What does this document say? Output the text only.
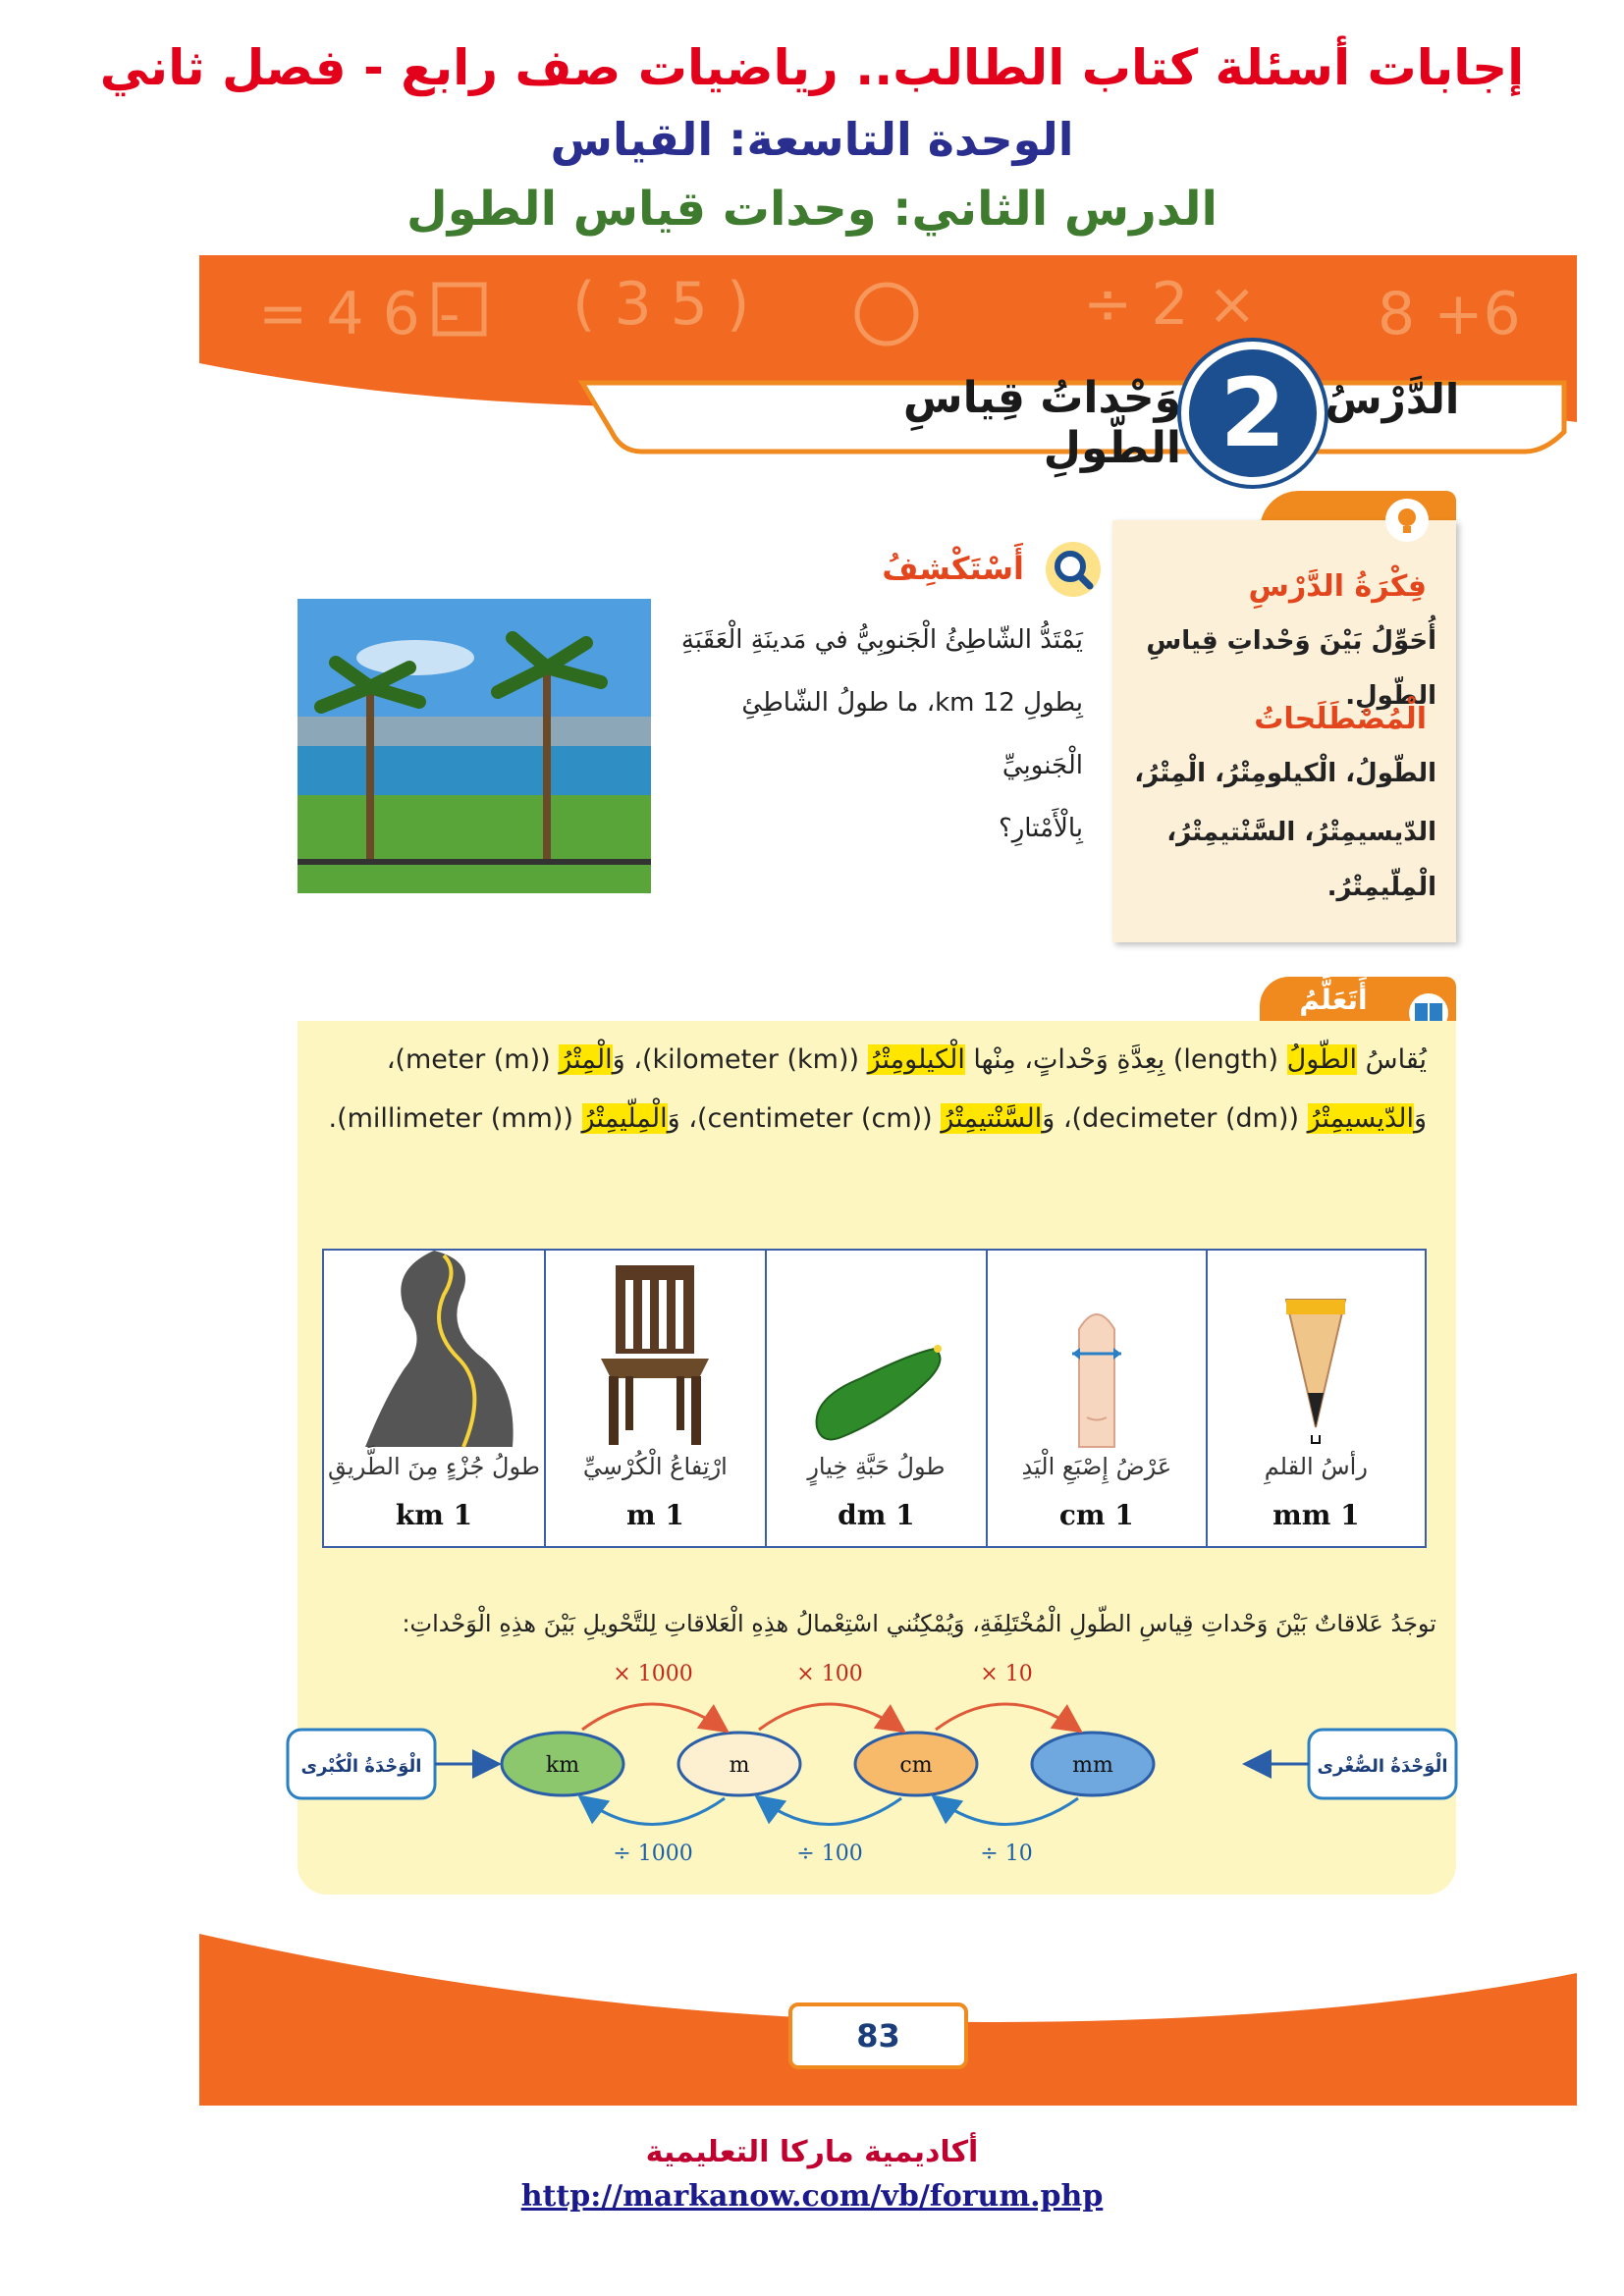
إجابات أسئلة كتاب الطالب.. رياضيات صف رابع - فصل ثاني
الوحدة التاسعة: القياس
الدرس الثاني: وحدات قياس الطول
= 4 6 - ( 3 5 )	÷ 2 × 8 +6
وَحْداتُ قِياسِ الطّولِ 2 الدَّرْسُ
فِكْرَةُ الدَّرْسِ
أُحَوِّلُ بَيْنَ وَحْداتِ قِياسِ الطّولِ.
الْمُصْطَلَحاتُ
الطّولُ، الْكيلومِتْرُ، الْمِتْرُ،
الدّيسيمِتْرُ، السَّنْتيمِتْرُ، الْمِلّيمِتْرُ.
أَسْتَكْشِفُ
يَمْتَدُّ الشّاطِئُ الْجَنوبِيُّ في مَدينَةِ الْعَقَبَةِ
بِطولِ 12 km، ما طولُ الشّاطِئِ الْجَنوبِيِّ
بِالْأَمْتارِ؟
أَتَعَلَّمُ
يُقاسُ الطّولُ (length) بِعِدَّةِ وَحْداتٍ، مِنْها الْكيلومِتْرُ (kilometer (km))، وَالْمِتْرُ (meter (m))، وَالدّيسيمِتْرُ (decimeter (dm))، وَالسَّنْتيمِتْرُ (centimeter (cm))، وَالْمِلّيمِتْرُ (millimeter (mm)).
رأسُ القلمِ
1 mm

عَرْضُ إِصْبَعِ الْيَدِ
1 cm

طولُ حَبَّةِ خِيارٍ
1 dm

ارْتِفاعُ الْكُرْسِيِّ
1 m

طولُ جُزْءٍ مِنَ الطَّريقِ
1 km
توجَدُ عَلاقاتٌ بَيْنَ وَحْداتِ قِياسِ الطّولِ الْمُخْتَلِفَةِ، وَيُمْكِنُني اسْتِعْمالُ هذِهِ الْعَلاقاتِ لِلتَّحْويلِ بَيْنَ هذِهِ الْوَحْداتِ:
الْوَحْدَةُ الْكُبْرى	الْوَحْدَةُ الصُّغْرى
km	m	cm	mm
× 1000	× 100	× 10
÷ 1000	÷ 100	÷ 10
83
أكاديمية ماركا التعليمية
http://markanow.com/vb/forum.php
